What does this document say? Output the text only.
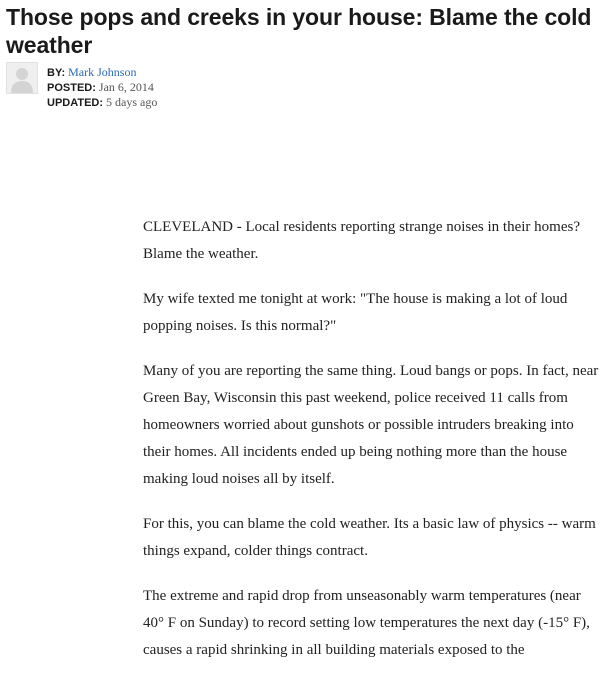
Those pops and creeks in your house: Blame the cold weather
BY: Mark Johnson
POSTED: Jan 6, 2014
UPDATED: 5 days ago

CLEVELAND - Local residents reporting strange noises in their homes? Blame the weather.

My wife texted me tonight at work: "The house is making a lot of loud popping noises. Is this normal?"

Many of you are reporting the same thing. Loud bangs or pops. In fact, near Green Bay, Wisconsin this past weekend, police received 11 calls from homeowners worried about gunshots or possible intruders breaking into their homes. All incidents ended up being nothing more than the house making loud noises all by itself.

For this, you can blame the cold weather. Its a basic law of physics -- warm things expand, colder things contract.

The extreme and rapid drop from unseasonably warm temperatures (near 40° F on Sunday) to record setting low temperatures the next day (-15° F), causes a rapid shrinking in all building materials exposed to the
